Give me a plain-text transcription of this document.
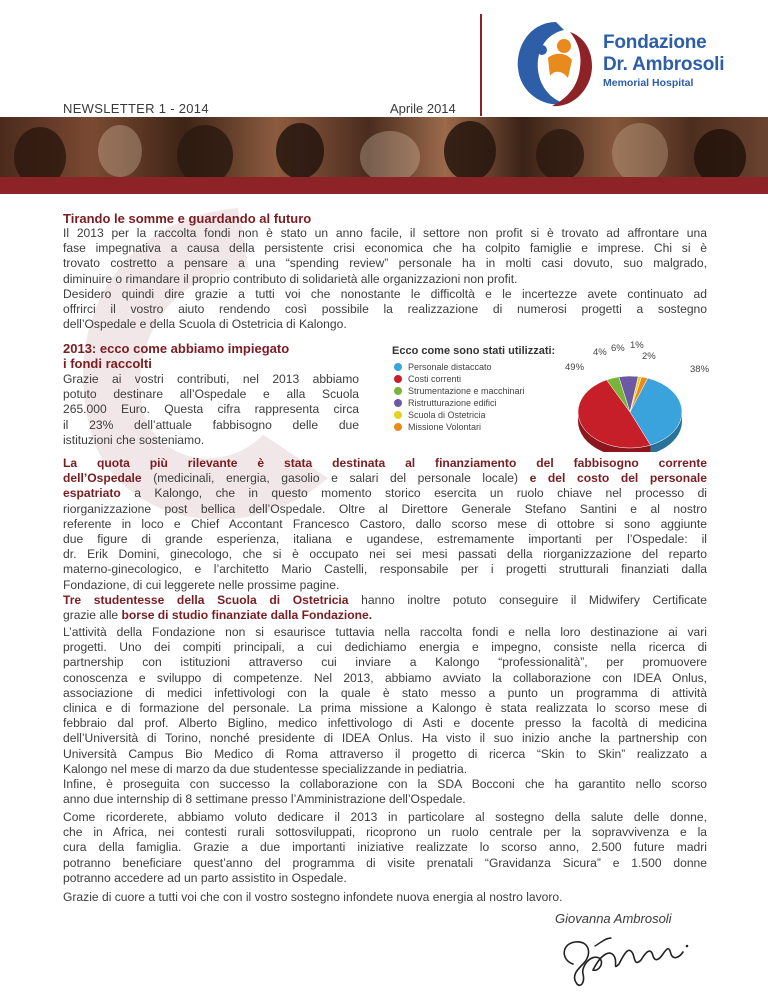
NEWSLETTER 1 - 2014	Aprile 2014
Fondazione
Dr. Ambrosoli
Memorial Hospital
Tirando le somme e guardando al futuro
Il 2013 per la raccolta fondi non è stato un anno facile, il settore non profit si è trovato ad affrontare una
fase impegnativa a causa della persistente crisi economica che ha colpito famiglie e imprese. Chi si è
trovato costretto a pensare a una “spending review” personale ha in molti casi dovuto, suo malgrado,
diminuire o rimandare il proprio contributo di solidarietà alle organizzazioni non profit.
Desidero quindi dire grazie a tutti voi che nonostante le difficoltà e le incertezze avete continuato ad
offrirci il vostro aiuto rendendo così possibile la realizzazione di numerosi progetti a sostegno
dell’Ospedale e della Scuola di Ostetricia di Kalongo.
2013: ecco come abbiamo impiegato
i fondi raccolti
Grazie ai vostri contributi, nel 2013 abbiamo
potuto destinare all’Ospedale e alla Scuola
265.000 Euro. Questa cifra rappresenta circa
il 23% dell’attuale fabbisogno delle due
istituzioni che sosteniamo.
Ecco come sono stati utilizzati:
Personale distaccato
Costi correnti
Strumentazione e macchinari
Ristrutturazione edifici
Scuola di Ostetricia
Missione Volontari
38%
49%
4% 6% 1%
2%
La quota più rilevante è stata destinata al finanziamento del fabbisogno corrente
dell’Ospedale (medicinali, energia, gasolio e salari del personale locale) e del costo del personale
espatriato a Kalongo, che in questo momento storico esercita un ruolo chiave nel processo di
riorganizzazione post bellica dell’Ospedale. Oltre al Direttore Generale Stefano Santini e al nostro
referente in loco e Chief Accontant Francesco Castoro, dallo scorso mese di ottobre si sono aggiunte
due figure di grande esperienza, italiana e ugandese, estremamente importanti per l’Ospedale: il
dr. Erik Domini, ginecologo, che si è occupato nei sei mesi passati della riorganizzazione del reparto
materno-ginecologico, e l’architetto Mario Castelli, responsabile per i progetti strutturali finanziati dalla
Fondazione, di cui leggerete nelle prossime pagine.
Tre studentesse della Scuola di Ostetricia hanno inoltre potuto conseguire il Midwifery Certificate
grazie alle borse di studio finanziate dalla Fondazione.
L’attività della Fondazione non si esaurisce tuttavia nella raccolta fondi e nella loro destinazione ai vari
progetti. Uno dei compiti principali, a cui dedichiamo energia e impegno, consiste nella ricerca di
partnership con istituzioni attraverso cui inviare a Kalongo “professionalità”, per promuovere
conoscenza e sviluppo di competenze. Nel 2013, abbiamo avviato la collaborazione con IDEA Onlus,
associazione di medici infettivologi con la quale è stato messo a punto un programma di attività
clinica e di formazione del personale. La prima missione a Kalongo è stata realizzata lo scorso mese di
febbraio dal prof. Alberto Biglino, medico infettivologo di Asti e docente presso la facoltà di medicina
dell’Università di Torino, nonché presidente di IDEA Onlus. Ha visto il suo inizio anche la partnership con
Università Campus Bio Medico di Roma attraverso il progetto di ricerca “Skin to Skin” realizzato a
Kalongo nel mese di marzo da due studentesse specializzande in pediatria.
Infine, è proseguita con successo la collaborazione con la SDA Bocconi che ha garantito nello scorso
anno due internship di 8 settimane presso l’Amministrazione dell’Ospedale.
Come ricorderete, abbiamo voluto dedicare il 2013 in particolare al sostegno della salute delle donne,
che in Africa, nei contesti rurali sottosviluppati, ricoprono un ruolo centrale per la sopravvivenza e la
cura della famiglia. Grazie a due importanti iniziative realizzate lo scorso anno, 2.500 future madri
potranno beneficiare quest’anno del programma di visite prenatali “Gravidanza Sicura” e 1.500 donne
potranno accedere ad un parto assistito in Ospedale.
Grazie di cuore a tutti voi che con il vostro sostegno infondete nuova energia al nostro lavoro.
Giovanna Ambrosoli
